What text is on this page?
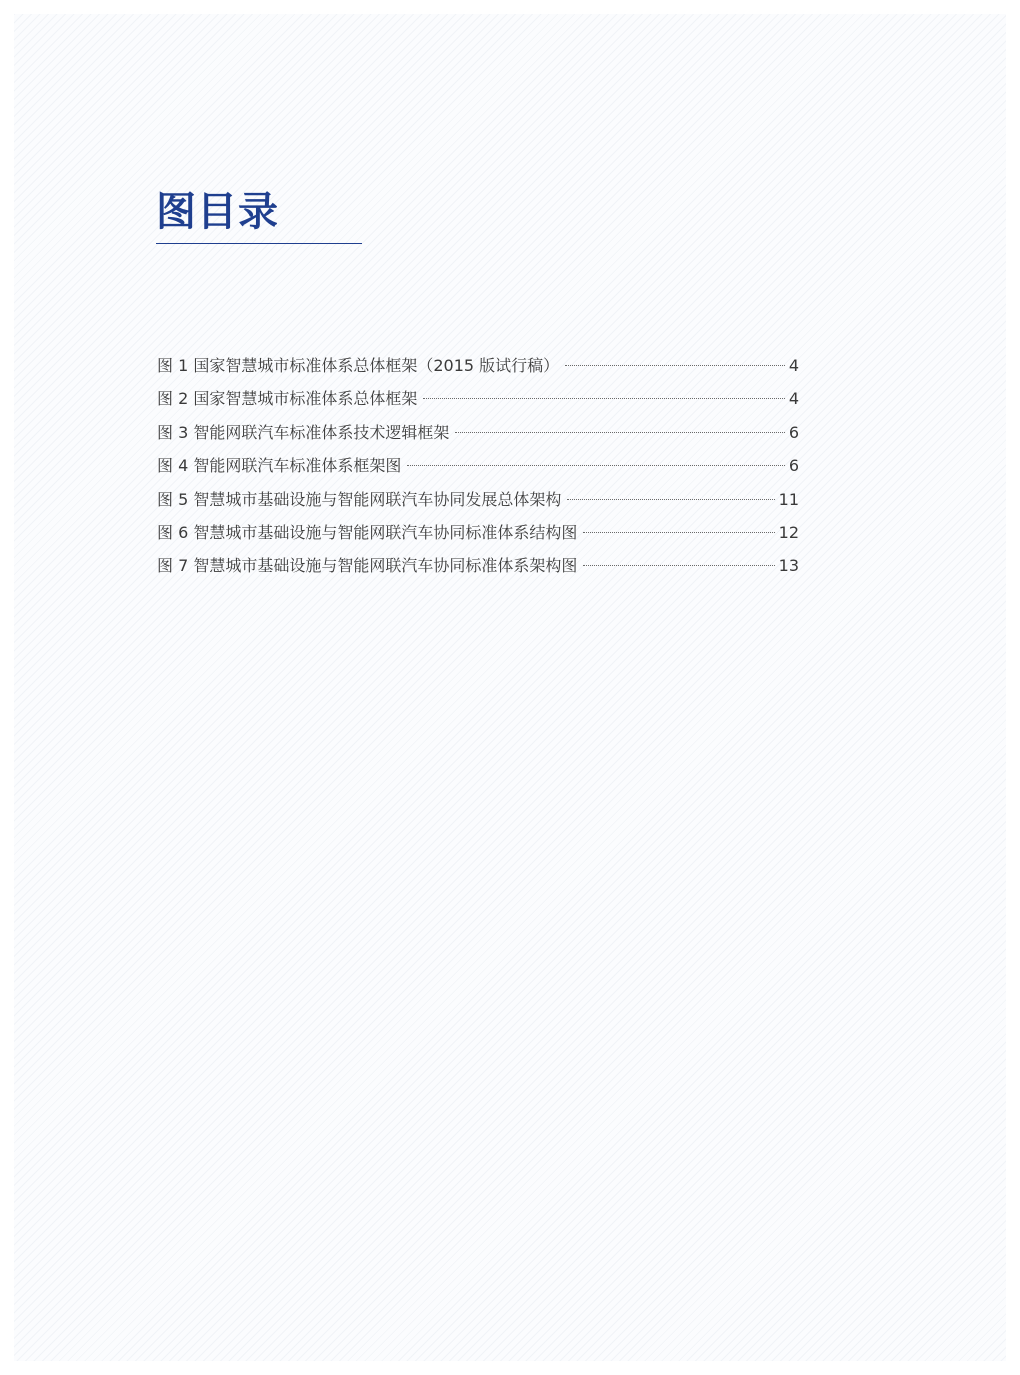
图目录
图 1 国家智慧城市标准体系总体框架（2015 版试行稿）	4
图 2 国家智慧城市标准体系总体框架	4
图 3 智能网联汽车标准体系技术逻辑框架	6
图 4 智能网联汽车标准体系框架图	6
图 5 智慧城市基础设施与智能网联汽车协同发展总体架构	11
图 6 智慧城市基础设施与智能网联汽车协同标准体系结构图	12
图 7 智慧城市基础设施与智能网联汽车协同标准体系架构图	13
